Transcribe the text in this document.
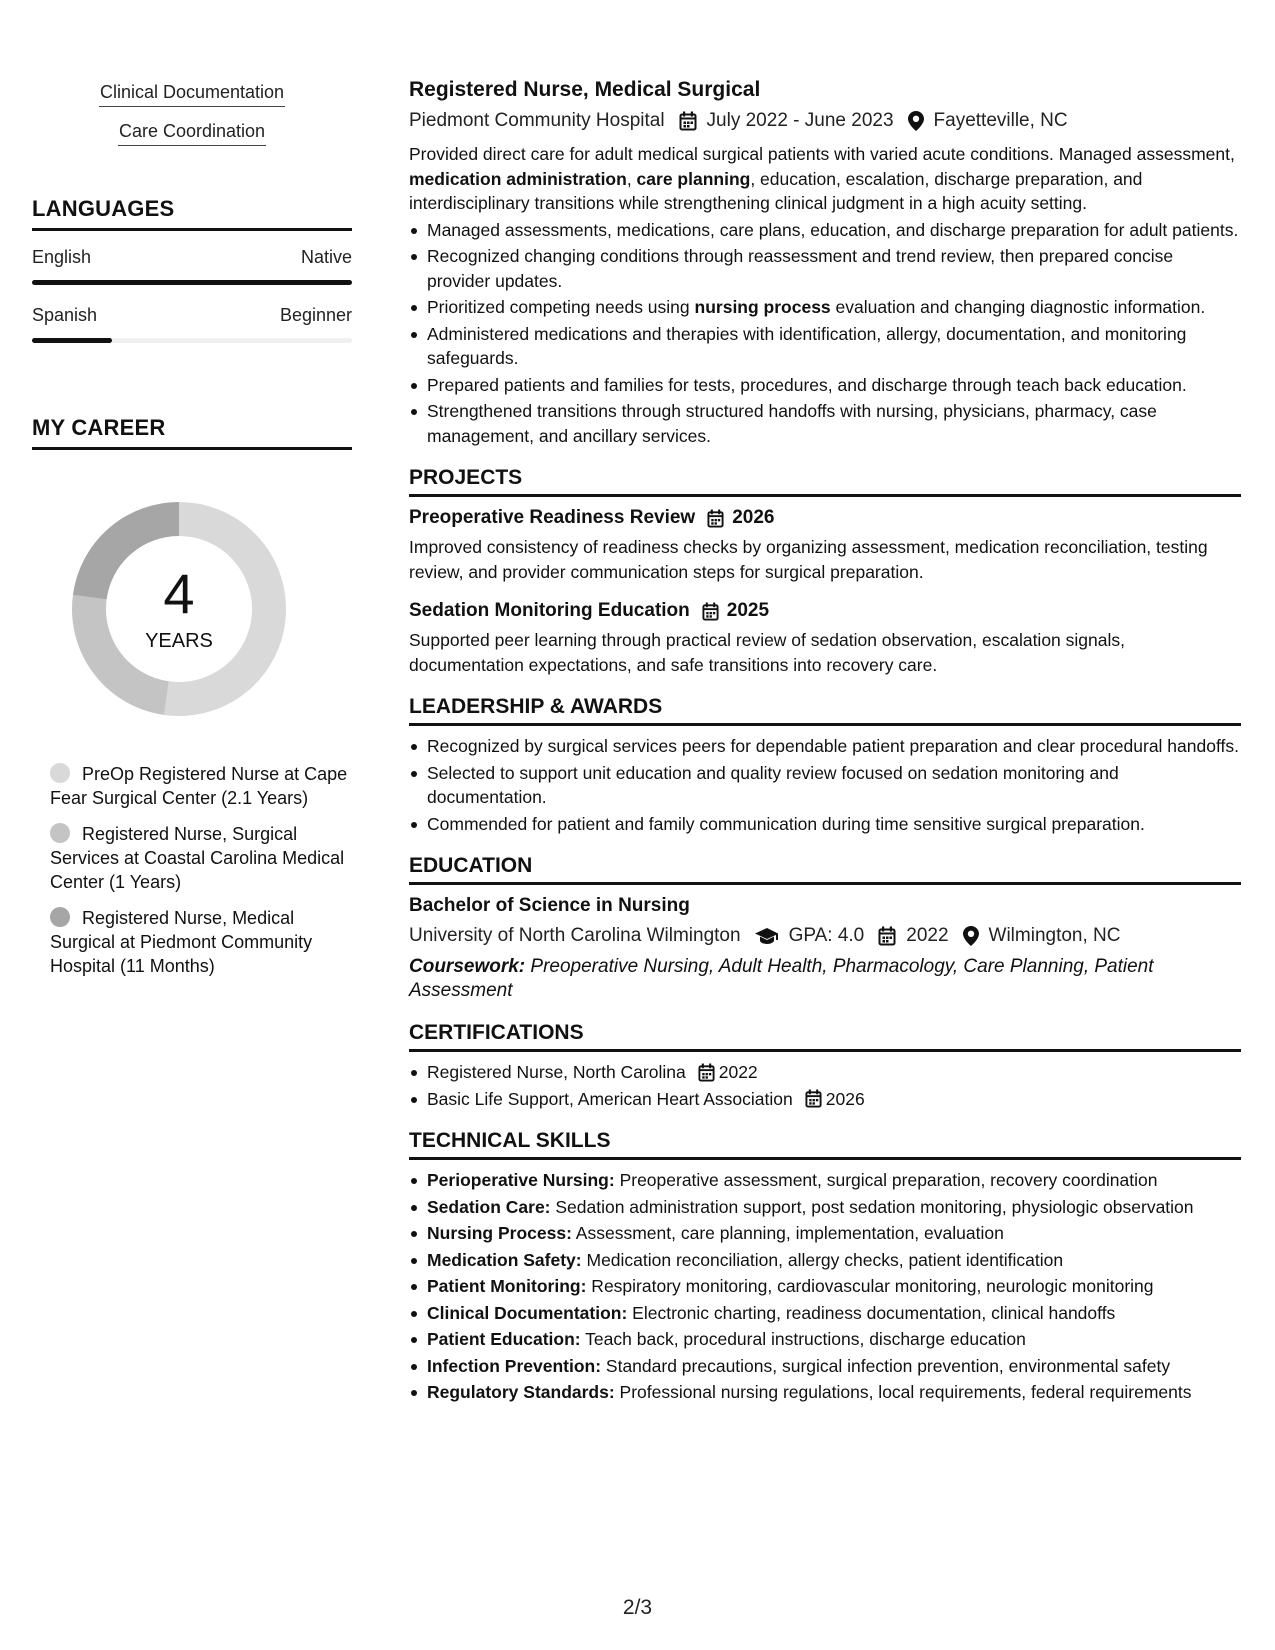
Clinical Documentation
Care Coordination
LANGUAGES
English	Native
Spanish	Beginner
MY CAREER
4
YEARS
PreOp Registered Nurse at Cape Fear Surgical Center (2.1 Years)
Registered Nurse, Surgical Services at Coastal Carolina Medical Center (1 Years)
Registered Nurse, Medical Surgical at Piedmont Community Hospital (11 Months)
Registered Nurse, Medical Surgical
Piedmont Community Hospital July 2022 - June 2023 Fayetteville, NC
Provided direct care for adult medical surgical patients with varied acute conditions. Managed assessment, medication administration, care planning, education, escalation, discharge preparation, and interdisciplinary transitions while strengthening clinical judgment in a high acuity setting.
Managed assessments, medications, care plans, education, and discharge preparation for adult patients.
Recognized changing conditions through reassessment and trend review, then prepared concise provider updates.
Prioritized competing needs using nursing process evaluation and changing diagnostic information.
Administered medications and therapies with identification, allergy, documentation, and monitoring safeguards.
Prepared patients and families for tests, procedures, and discharge through teach back education.
Strengthened transitions through structured handoffs with nursing, physicians, pharmacy, case management, and ancillary services.
PROJECTS
Preoperative Readiness Review 2026
Improved consistency of readiness checks by organizing assessment, medication reconciliation, testing review, and provider communication steps for surgical preparation.
Sedation Monitoring Education 2025
Supported peer learning through practical review of sedation observation, escalation signals, documentation expectations, and safe transitions into recovery care.
LEADERSHIP & AWARDS
Recognized by surgical services peers for dependable patient preparation and clear procedural handoffs.
Selected to support unit education and quality review focused on sedation monitoring and documentation.
Commended for patient and family communication during time sensitive surgical preparation.
EDUCATION
Bachelor of Science in Nursing
University of North Carolina Wilmington	GPA: 4.0 2022 Wilmington, NC
Coursework: Preoperative Nursing, Adult Health, Pharmacology, Care Planning, Patient Assessment
CERTIFICATIONS
Registered Nurse, North Carolina 2022
Basic Life Support, American Heart Association 2026
TECHNICAL SKILLS
Perioperative Nursing: Preoperative assessment, surgical preparation, recovery coordination
Sedation Care: Sedation administration support, post sedation monitoring, physiologic observation
Nursing Process: Assessment, care planning, implementation, evaluation
Medication Safety: Medication reconciliation, allergy checks, patient identification
Patient Monitoring: Respiratory monitoring, cardiovascular monitoring, neurologic monitoring
Clinical Documentation: Electronic charting, readiness documentation, clinical handoffs
Patient Education: Teach back, procedural instructions, discharge education
Infection Prevention: Standard precautions, surgical infection prevention, environmental safety
Regulatory Standards: Professional nursing regulations, local requirements, federal requirements
2/3
